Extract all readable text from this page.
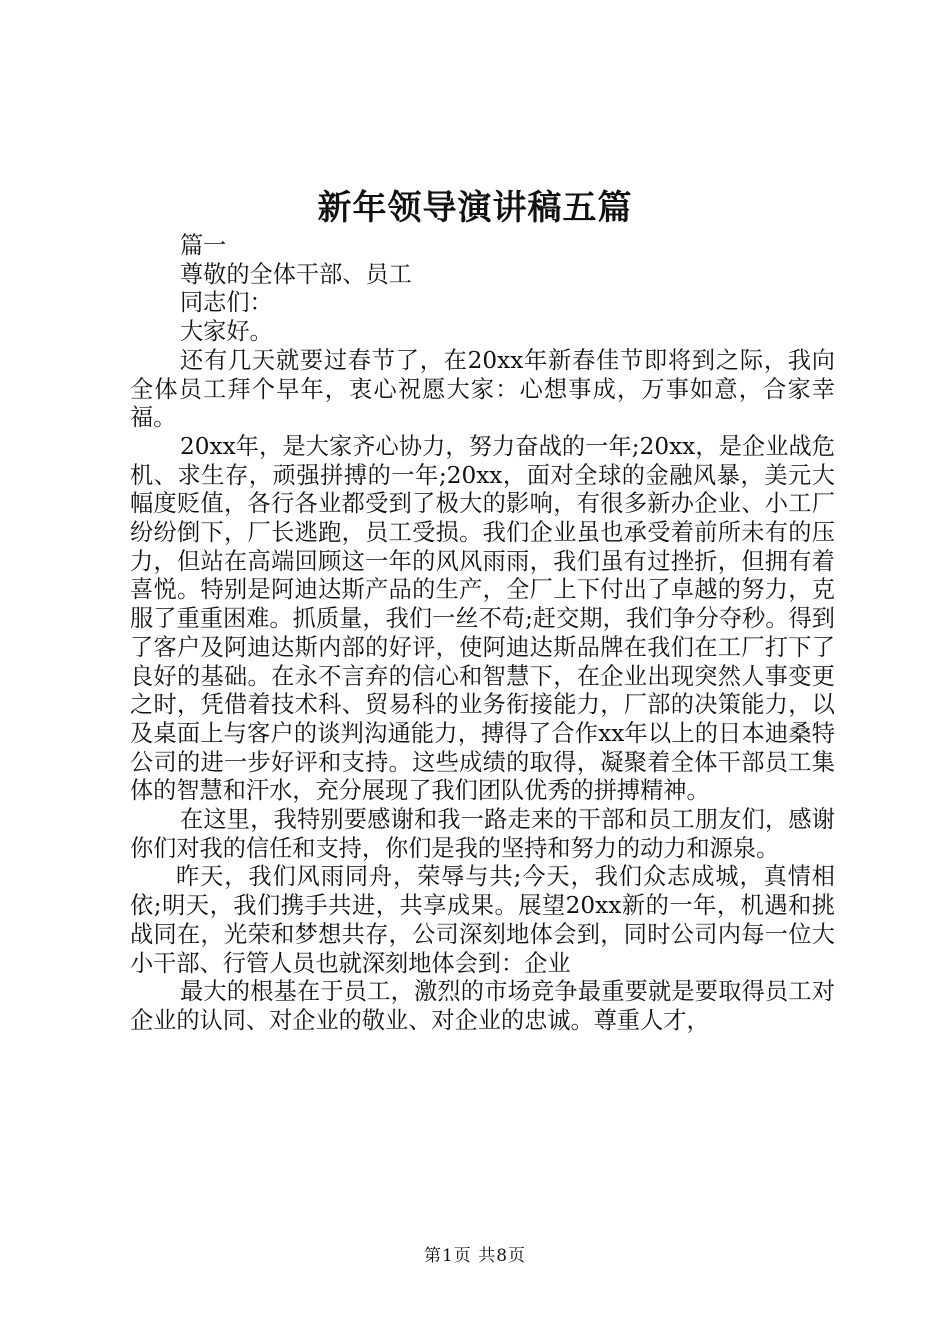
新年领导演讲稿五篇

篇一

尊敬的全体干部、员工

同志们：

大家好。

还有几天就要过春节了，在20xx年新春佳节即将到之际，我向全体员工拜个早年，衷心祝愿大家：心想事成，万事如意，合家幸福。

20xx年，是大家齐心协力，努力奋战的一年;20xx，是企业战危机、求生存，顽强拼搏的一年;20xx，面对全球的金融风暴，美元大幅度贬值，各行各业都受到了极大的影响，有很多新办企业、小工厂纷纷倒下，厂长逃跑，员工受损。我们企业虽也承受着前所未有的压力，但站在高端回顾这一年的风风雨雨，我们虽有过挫折，但拥有着喜悦。特别是阿迪达斯产品的生产，全厂上下付出了卓越的努力，克服了重重困难。抓质量，我们一丝不苟;赶交期，我们争分夺秒。得到了客户及阿迪达斯内部的好评，使阿迪达斯品牌在我们在工厂打下了良好的基础。在永不言弃的信心和智慧下，在企业出现突然人事变更之时，凭借着技术科、贸易科的业务衔接能力，厂部的决策能力，以及桌面上与客户的谈判沟通能力，搏得了合作xx年以上的日本迪桑特公司的进一步好评和支持。这些成绩的取得，凝聚着全体干部员工集体的智慧和汗水，充分展现了我们团队优秀的拼搏精神。

在这里，我特别要感谢和我一路走来的干部和员工朋友们，感谢你们对我的信任和支持，你们是我的坚持和努力的动力和源泉。

昨天，我们风雨同舟，荣辱与共;今天，我们众志成城，真情相依;明天，我们携手共进，共享成果。展望20xx新的一年，机遇和挑战同在，光荣和梦想共存，公司深刻地体会到，同时公司内每一位大小干部、行管人员也就深刻地体会到：企业

最大的根基在于员工，激烈的市场竞争最重要就是要取得员工对企业的认同、对企业的敬业、对企业的忠诚。尊重人才，

第1页 共8页
